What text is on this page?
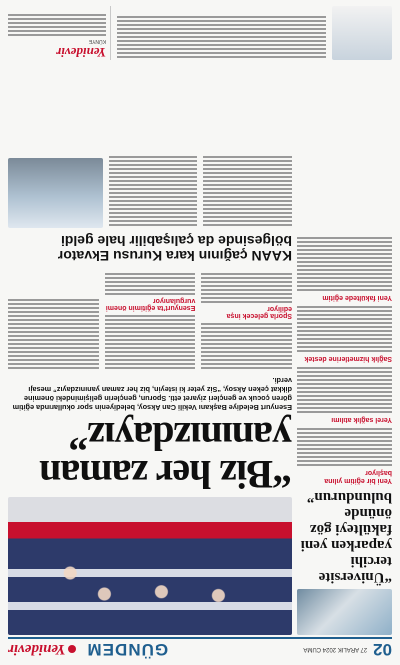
02
27 ARALIK 2024 CUMA
GÜNDEM
Yenidevir
“Üniversite tercihi yaparken yeni fakülteyi göz önünde bulundurun”
Yeni bir eğitim yılına başlıyor
Yerel sağlık atılımı
Sağlık hizmetlerine destek
Yeni fakültede eğitim
“Biz her zaman yanınızdayız”
Esenyurt Belediye Başkanı Vekili Can Aksoy, belediyenin spor okullarında eğitim gören çocuk ve gençleri ziyaret etti. Sporun, gençlerin gelişimindeki önemine dikkat çeken Aksoy, “Siz yeter ki isteyin, biz her zaman yanınızdayız” mesajı verdi.
Sporla gelecek inşa ediliyor
Esenyurt’ta eğitimin önemi vurgulanıyor
KAAN çağının kara Kurusu Ekvator bölgesinde da çalışabilir hale geldi
Yenidevir
KÜNYE
